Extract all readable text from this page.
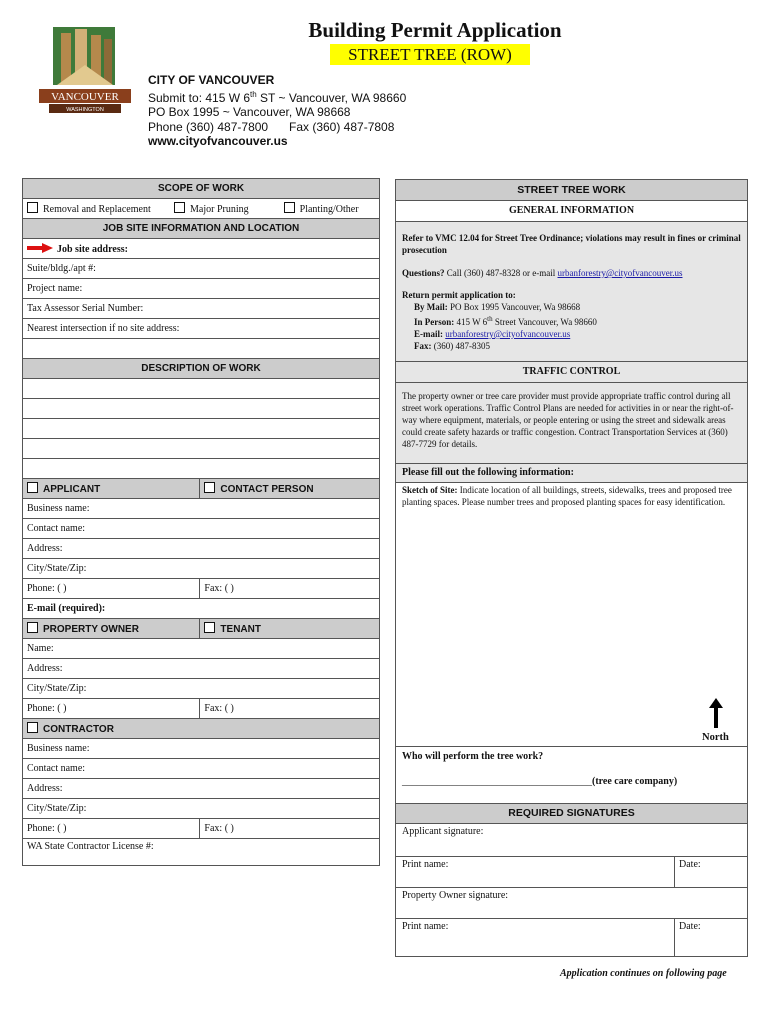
VANCOUVER
WASHINGTON
Building Permit Application
STREET TREE (ROW)
CITY OF VANCOUVER
Submit to: 415 W 6th ST ~ Vancouver, WA 98660
PO Box 1995 ~ Vancouver, WA 98668
Phone (360) 487-7800 Fax (360) 487-7808
www.cityofvancouver.us
SCOPE OF WORK			
Removal and Replacement	Major Pruning		Planting/Other
JOB SITE INFORMATION AND LOCATION			
Job site address:			
Suite/bldg./apt #:			
Project name:			
Tax Assessor Serial Number:			
Nearest intersection if no site address:			

DESCRIPTION OF WORK			

APPLICANT		CONTACT PERSON	
Business name:			
Contact name:			
Address:			
City/State/Zip:			
Phone: ( )		Fax: ( )	
E-mail (required):			
PROPERTY OWNER		TENANT	
Name:			
Address:			
City/State/Zip:			
Phone: ( )		Fax: ( )	
CONTRACTOR			
Business name:			
Contact name:			
Address:			
City/State/Zip:			
Phone: ( )		Fax: ( )	
WA State Contractor License #:			
STREET TREE WORK
GENERAL INFORMATION
Refer to VMC 12.04 for Street Tree Ordinance; violations may result in fines or criminal prosecution
Questions? Call (360) 487-8328 or e-mail urbanforestry@cityofvancouver.us
Return permit application to:
By Mail: PO Box 1995 Vancouver, Wa 98668
In Person: 415 W 6th Street Vancouver, Wa 98660
E-mail: urbanforestry@cityofvancouver.us
Fax: (360) 487-8305
TRAFFIC CONTROL
The property owner or tree care provider must provide appropriate traffic control during all street work operations. Traffic Control Plans are needed for activities in or near the right-of-way where equipment, materials, or people entering or using the street and sidewalk areas could create safety hazards or traffic congestion. Contract Transportation Services at (360) 487-7729 for details.
Please fill out the following information:
Sketch of Site: Indicate location of all buildings, streets, sidewalks, trees and proposed tree planting spaces. Please number trees and proposed planting spaces for easy identification.
North
Who will perform the tree work?
______________________________________(tree care company)
REQUIRED SIGNATURES
Applicant signature:
Print name:	Date:
Property Owner signature:
Print name:	Date:
Application continues on following page
